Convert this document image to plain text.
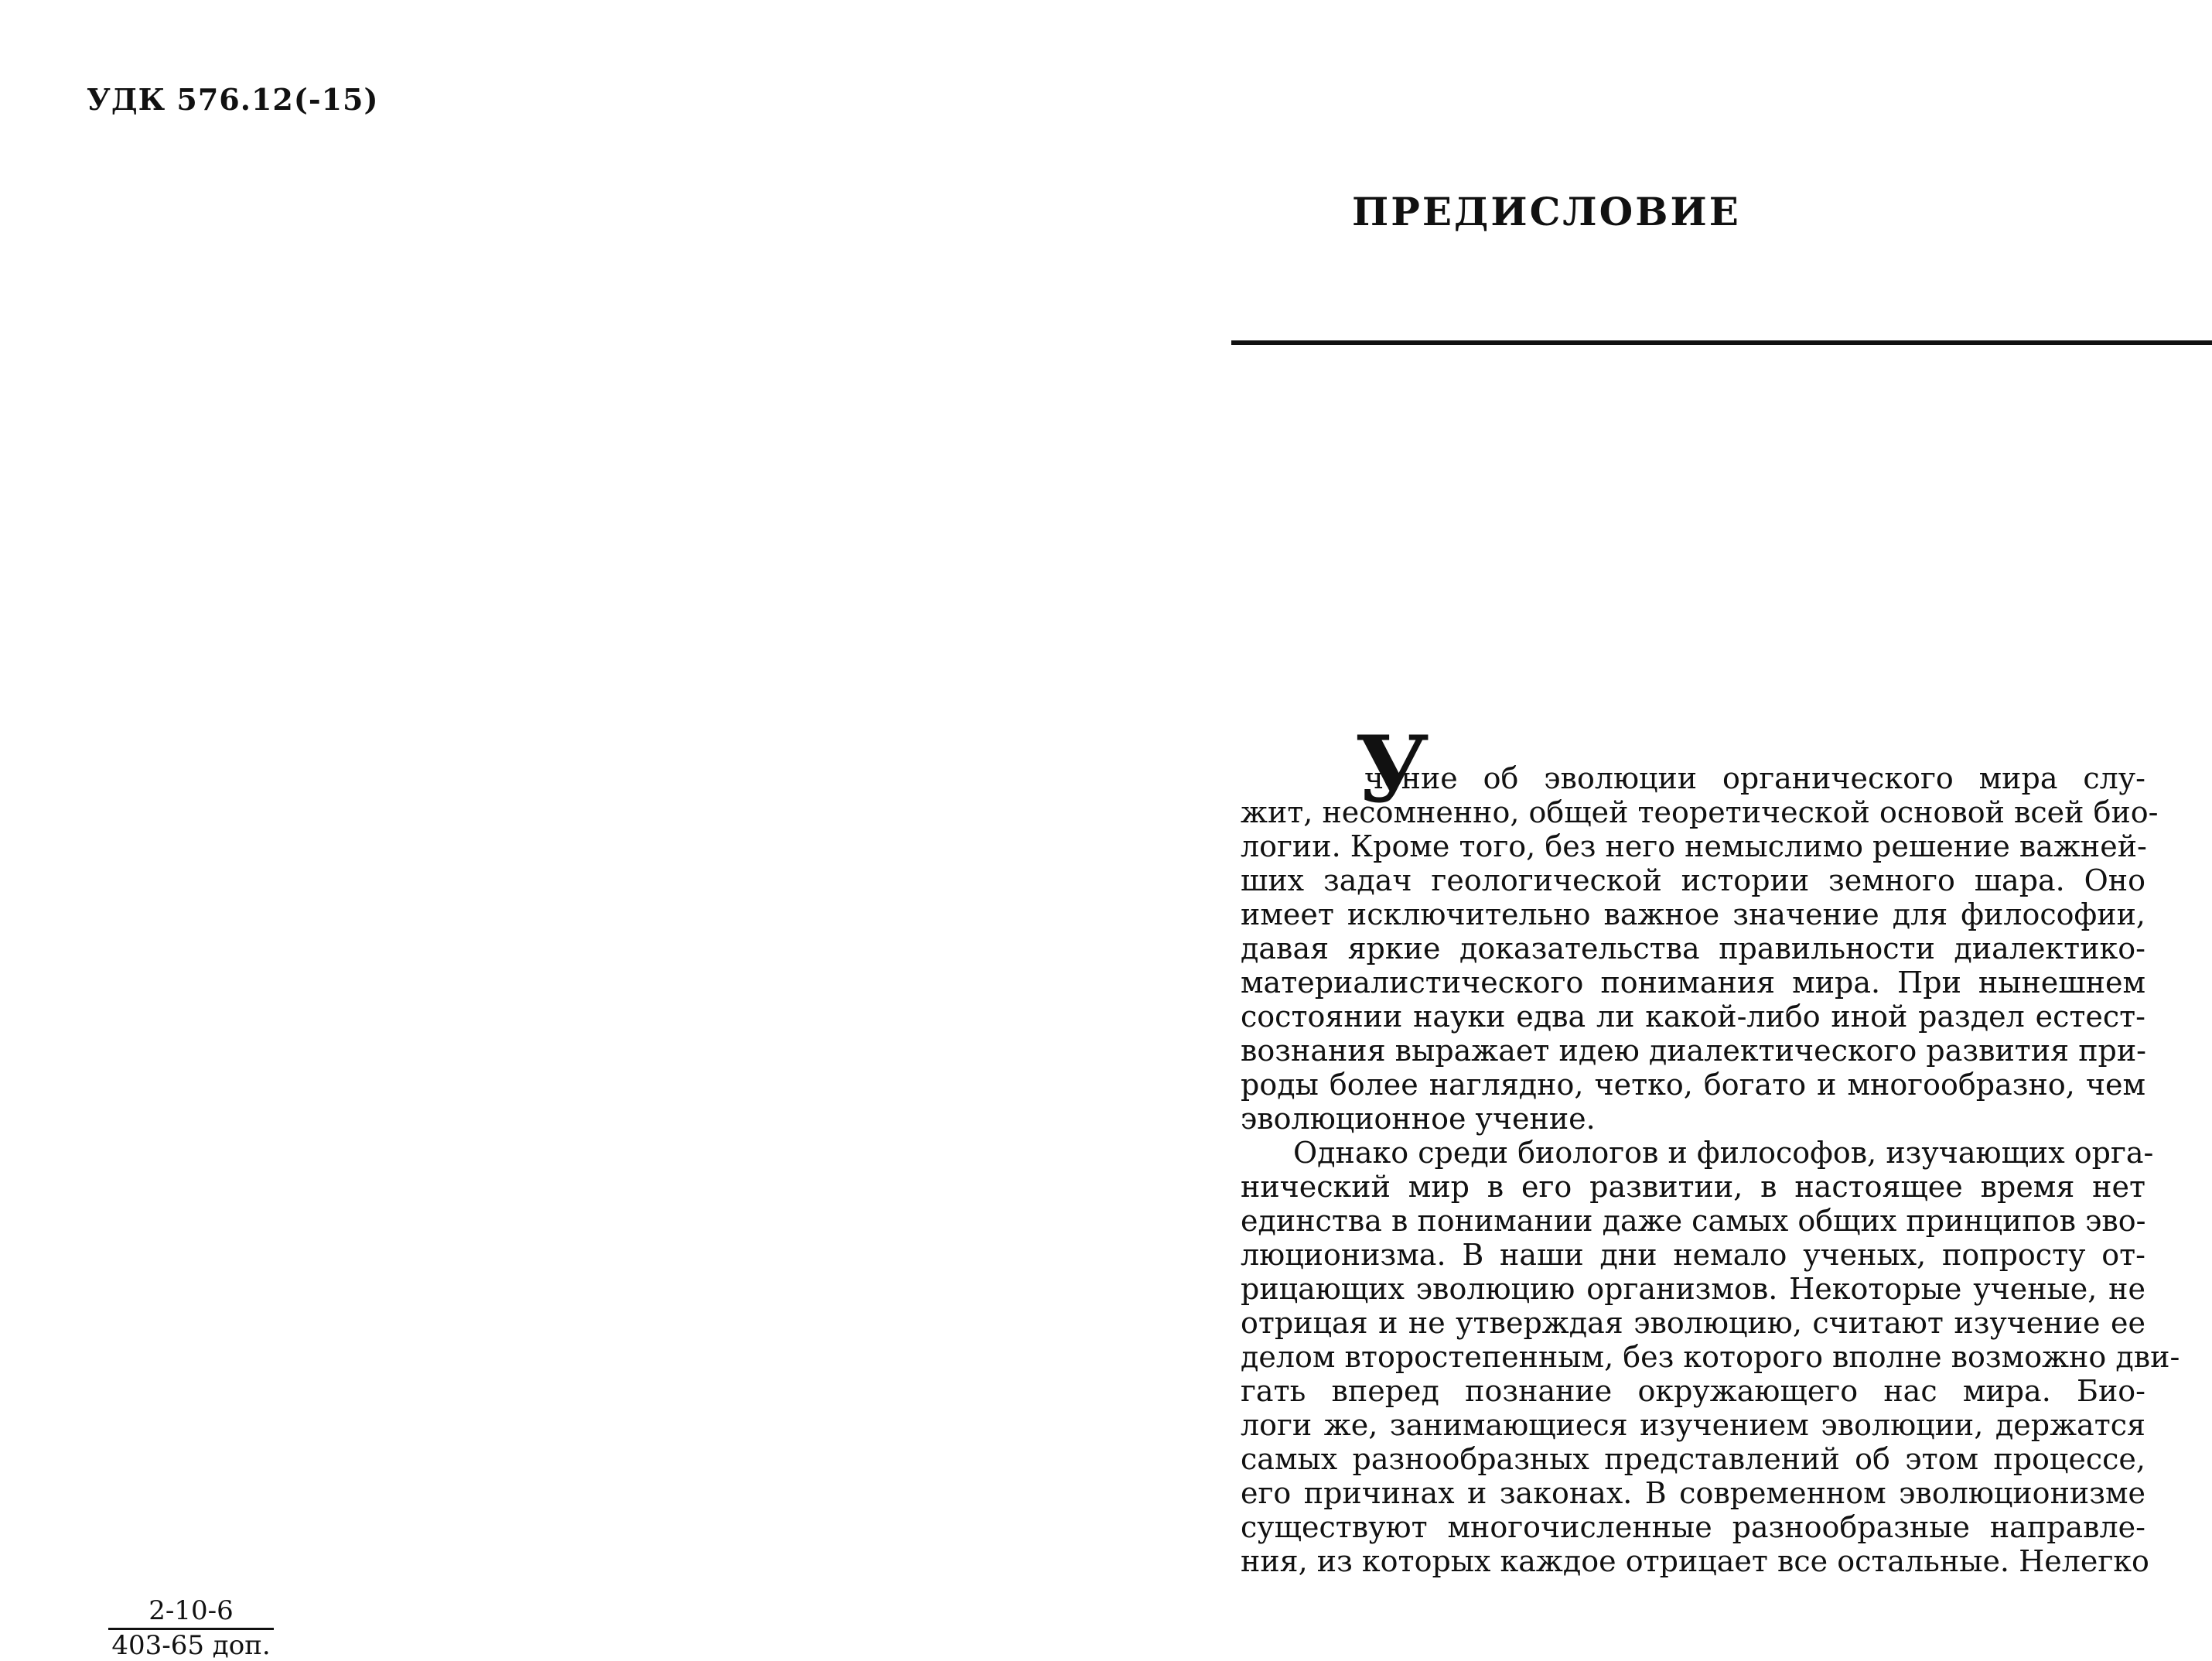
УДК 576.12(-15)
2-10-6
403-65 доп.
ПРЕДИСЛОВИЕ
У
чение об эволюции органического мира слу-
жит, несомненно, общей теоретической основой всей био-
логии. Кроме того, без него немыслимо решение важней-
ших задач геологической истории земного шара. Оно
имеет исключительно важное значение для философии,
давая яркие доказательства правильности диалектико-
материалистического понимания мира. При нынешнем
состоянии науки едва ли какой-либо иной раздел естест-
вознания выражает идею диалектического развития при-
роды более наглядно, четко, богато и многообразно, чем
эволюционное учение.
Однако среди биологов и философов, изучающих орга-
нический мир в его развитии, в настоящее время нет
единства в понимании даже самых общих принципов эво-
люционизма. В наши дни немало ученых, попросту от-
рицающих эволюцию организмов. Некоторые ученые, не
отрицая и не утверждая эволюцию, считают изучение ее
делом второстепенным, без которого вполне возможно дви-
гать вперед познание окружающего нас мира. Био-
логи же, занимающиеся изучением эволюции, держатся
самых разнообразных представлений об этом процессе,
его причинах и законах. В современном эволюционизме
существуют многочисленные разнообразные направле-
ния, из которых каждое отрицает все остальные. Нелегко
